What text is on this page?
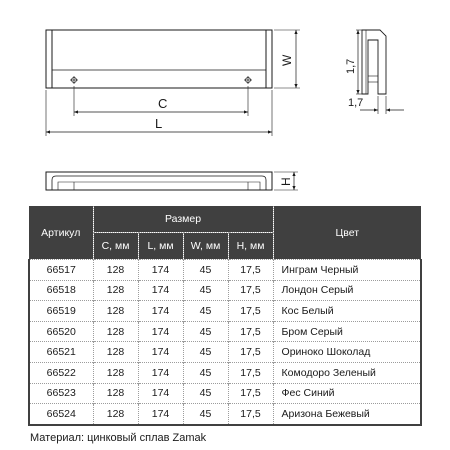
C
L
W	1,7
1,7
H
Артикул	Размер				Цвет
	C, мм	L, мм	W, мм	H, мм	
66517	128	174	45	17,5	Инграм Черный
66518	128	174	45	17,5	Лондон Серый
66519	128	174	45	17,5	Кос Белый
66520	128	174	45	17,5	Бром Серый
66521	128	174	45	17,5	Ориноко Шоколад
66522	128	174	45	17,5	Комодоро Зеленый
66523	128	174	45	17,5	Фес Синий
66524	128	174	45	17,5	Аризона Бежевый
Материал: цинковый сплав Zamak
